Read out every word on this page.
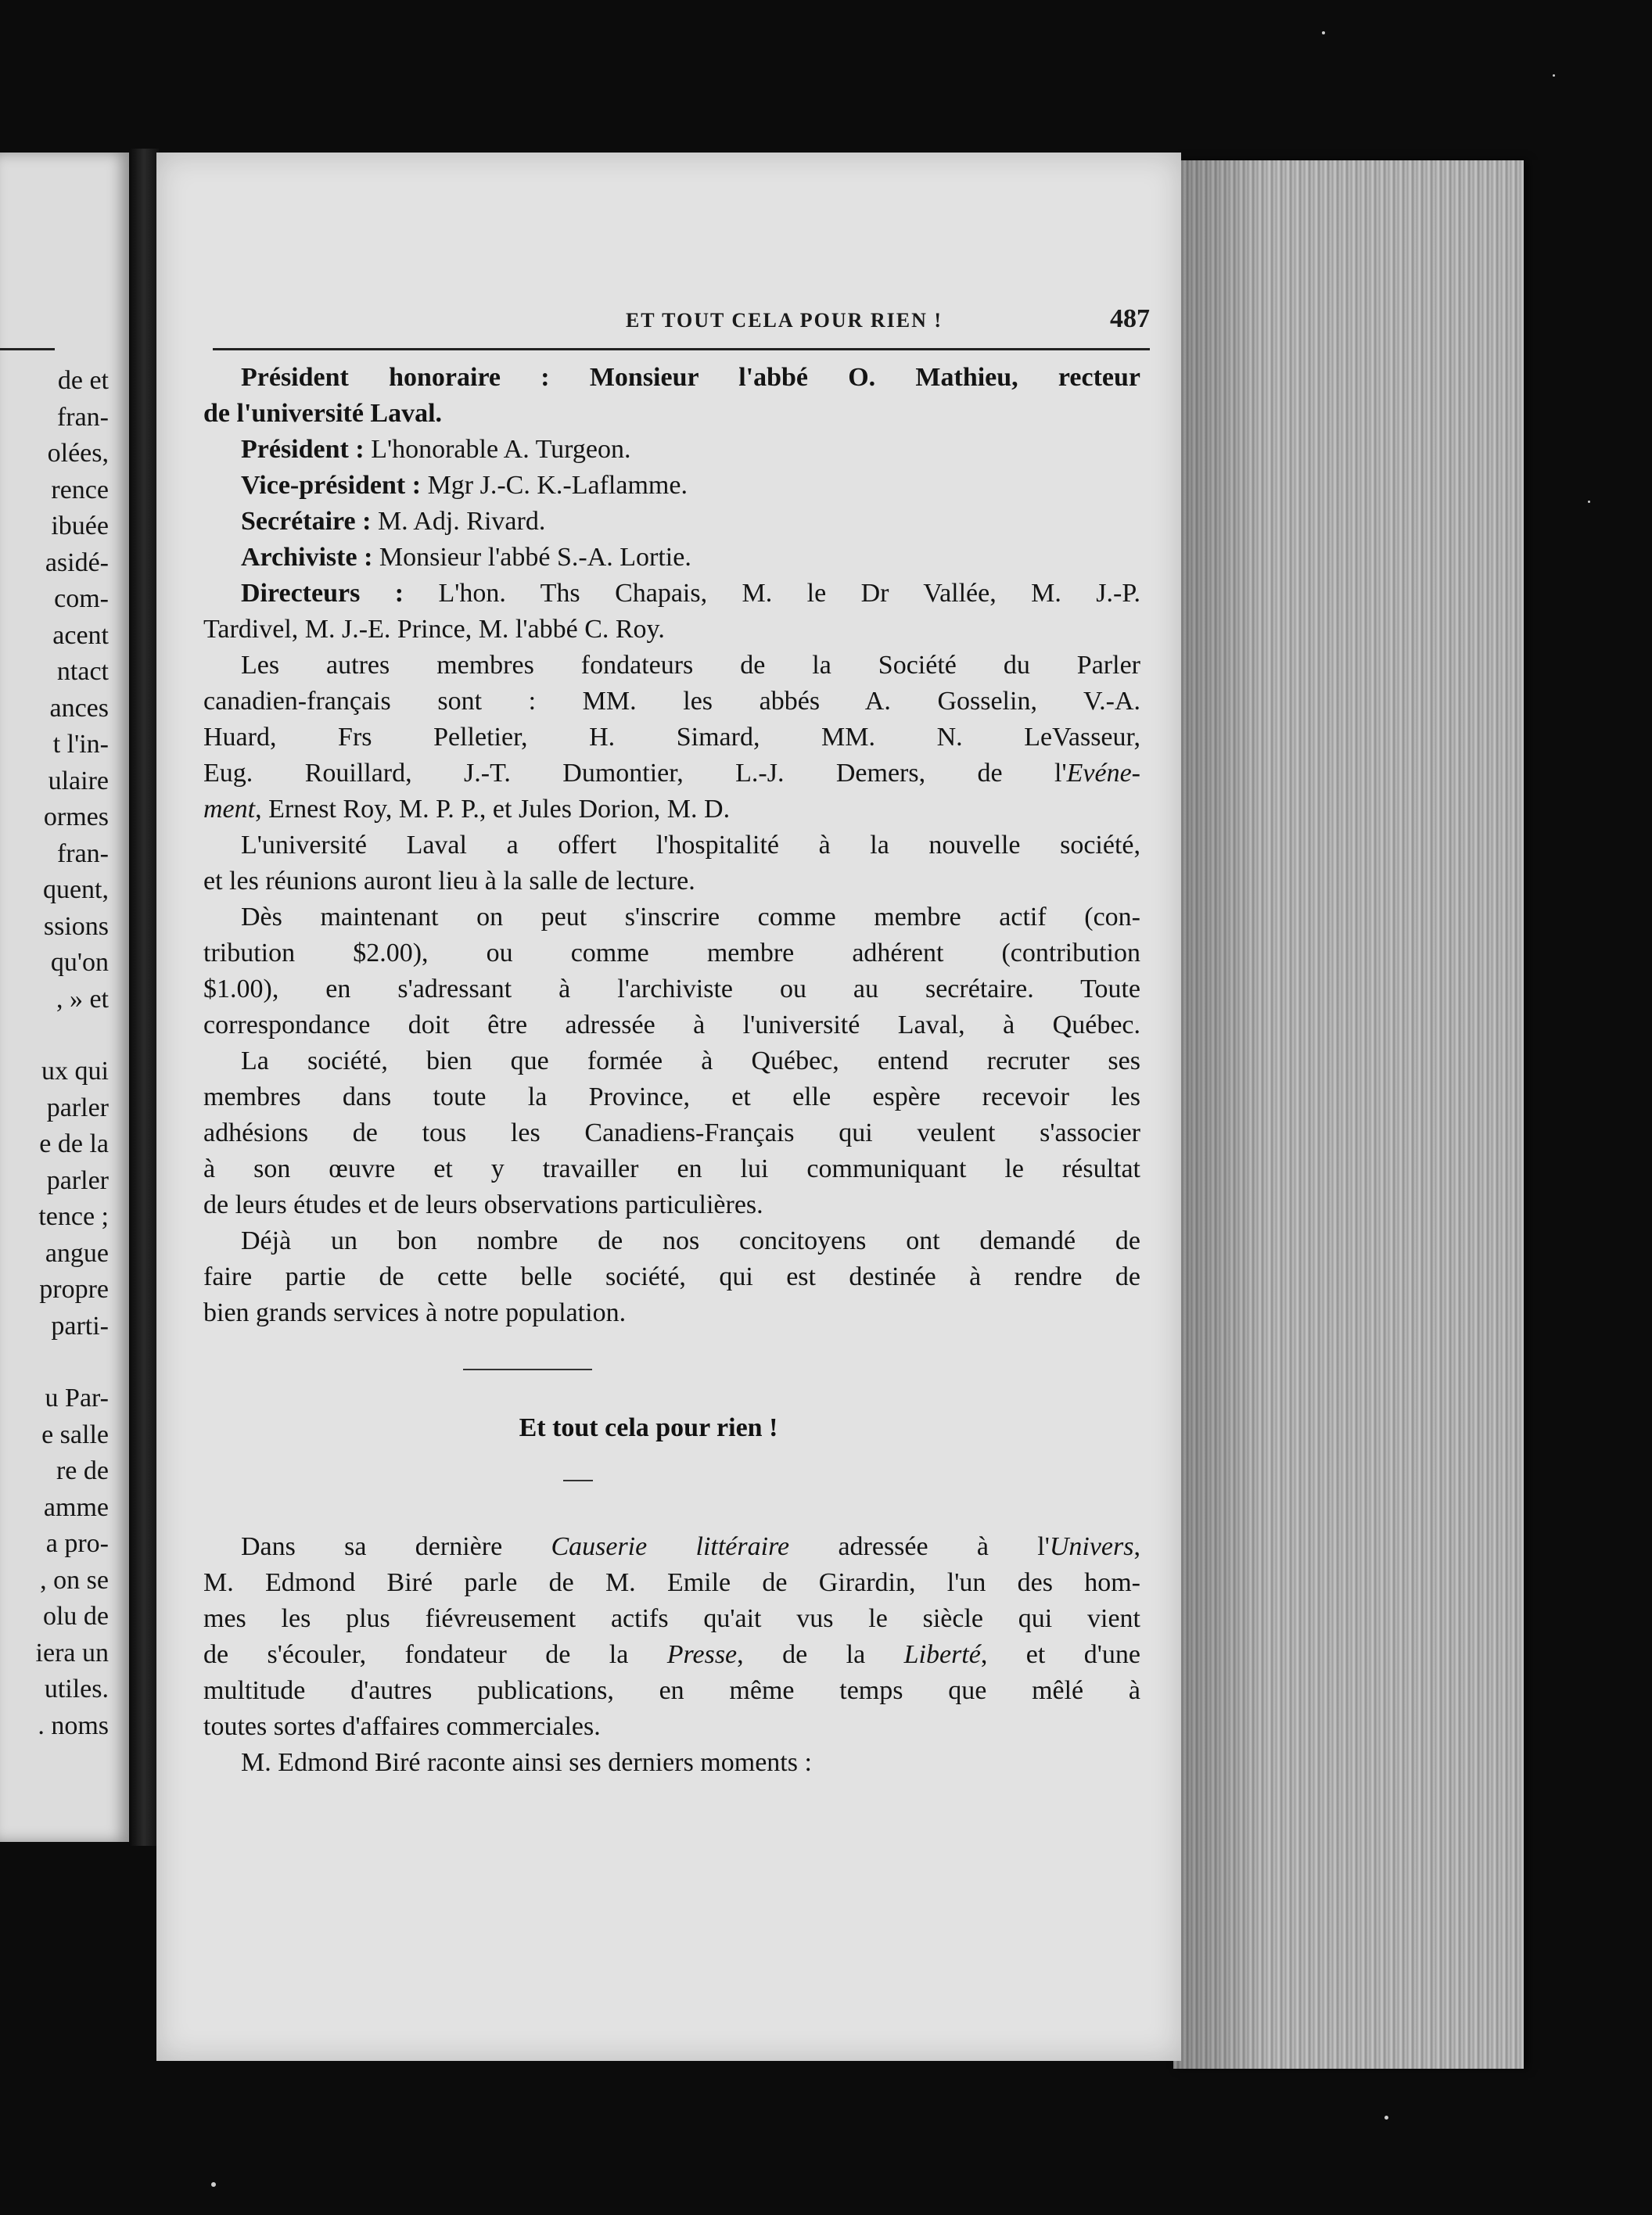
de et
fran-
olées,
rence
ibuée
asidé-
com-
acent
ntact
ances
t l'in-
ulaire
ormes
fran-
quent,
ssions
qu'on
, » et
ux qui
parler
e de la
parler
tence ;
angue
propre
parti-
u Par-
e salle
re de
amme
a pro-
, on se
olu de
iera un
utiles.
. noms
ET TOUT CELA POUR RIEN !	487
Président honoraire : Monsieur l'abbé O. Mathieu, recteur
de l'université Laval.
Président : L'honorable A. Turgeon.
Vice-président : Mgr J.-C. K.-Laflamme.
Secrétaire : M. Adj. Rivard.
Archiviste : Monsieur l'abbé S.-A. Lortie.
Directeurs : L'hon. Ths Chapais, M. le Dr Vallée, M. J.-P.
Tardivel, M. J.-E. Prince, M. l'abbé C. Roy.
Les autres membres fondateurs de la Société du Parler
canadien-français sont : MM. les abbés A. Gosselin, V.-A.
Huard, Frs Pelletier, H. Simard, MM. N. LeVasseur,
Eug. Rouillard, J.-T. Dumontier, L.-J. Demers, de l'Evéne-
ment, Ernest Roy, M. P. P., et Jules Dorion, M. D.
L'université Laval a offert l'hospitalité à la nouvelle société,
et les réunions auront lieu à la salle de lecture.
Dès maintenant on peut s'inscrire comme membre actif (con-
tribution $2.00), ou comme membre adhérent (contribution
$1.00), en s'adressant à l'archiviste ou au secrétaire. Toute
correspondance doit être adressée à l'université Laval, à Québec.
La société, bien que formée à Québec, entend recruter ses
membres dans toute la Province, et elle espère recevoir les
adhésions de tous les Canadiens-Français qui veulent s'associer
à son œuvre et y travailler en lui communiquant le résultat
de leurs études et de leurs observations particulières.
Déjà un bon nombre de nos concitoyens ont demandé de
faire partie de cette belle société, qui est destinée à rendre de
bien grands services à notre population.
Et tout cela pour rien !
Dans sa dernière Causerie littéraire adressée à l'Univers,
M. Edmond Biré parle de M. Emile de Girardin, l'un des hom-
mes les plus fiévreusement actifs qu'ait vus le siècle qui vient
de s'écouler, fondateur de la Presse, de la Liberté, et d'une
multitude d'autres publications, en même temps que mêlé à
toutes sortes d'affaires commerciales.
M. Edmond Biré raconte ainsi ses derniers moments :
